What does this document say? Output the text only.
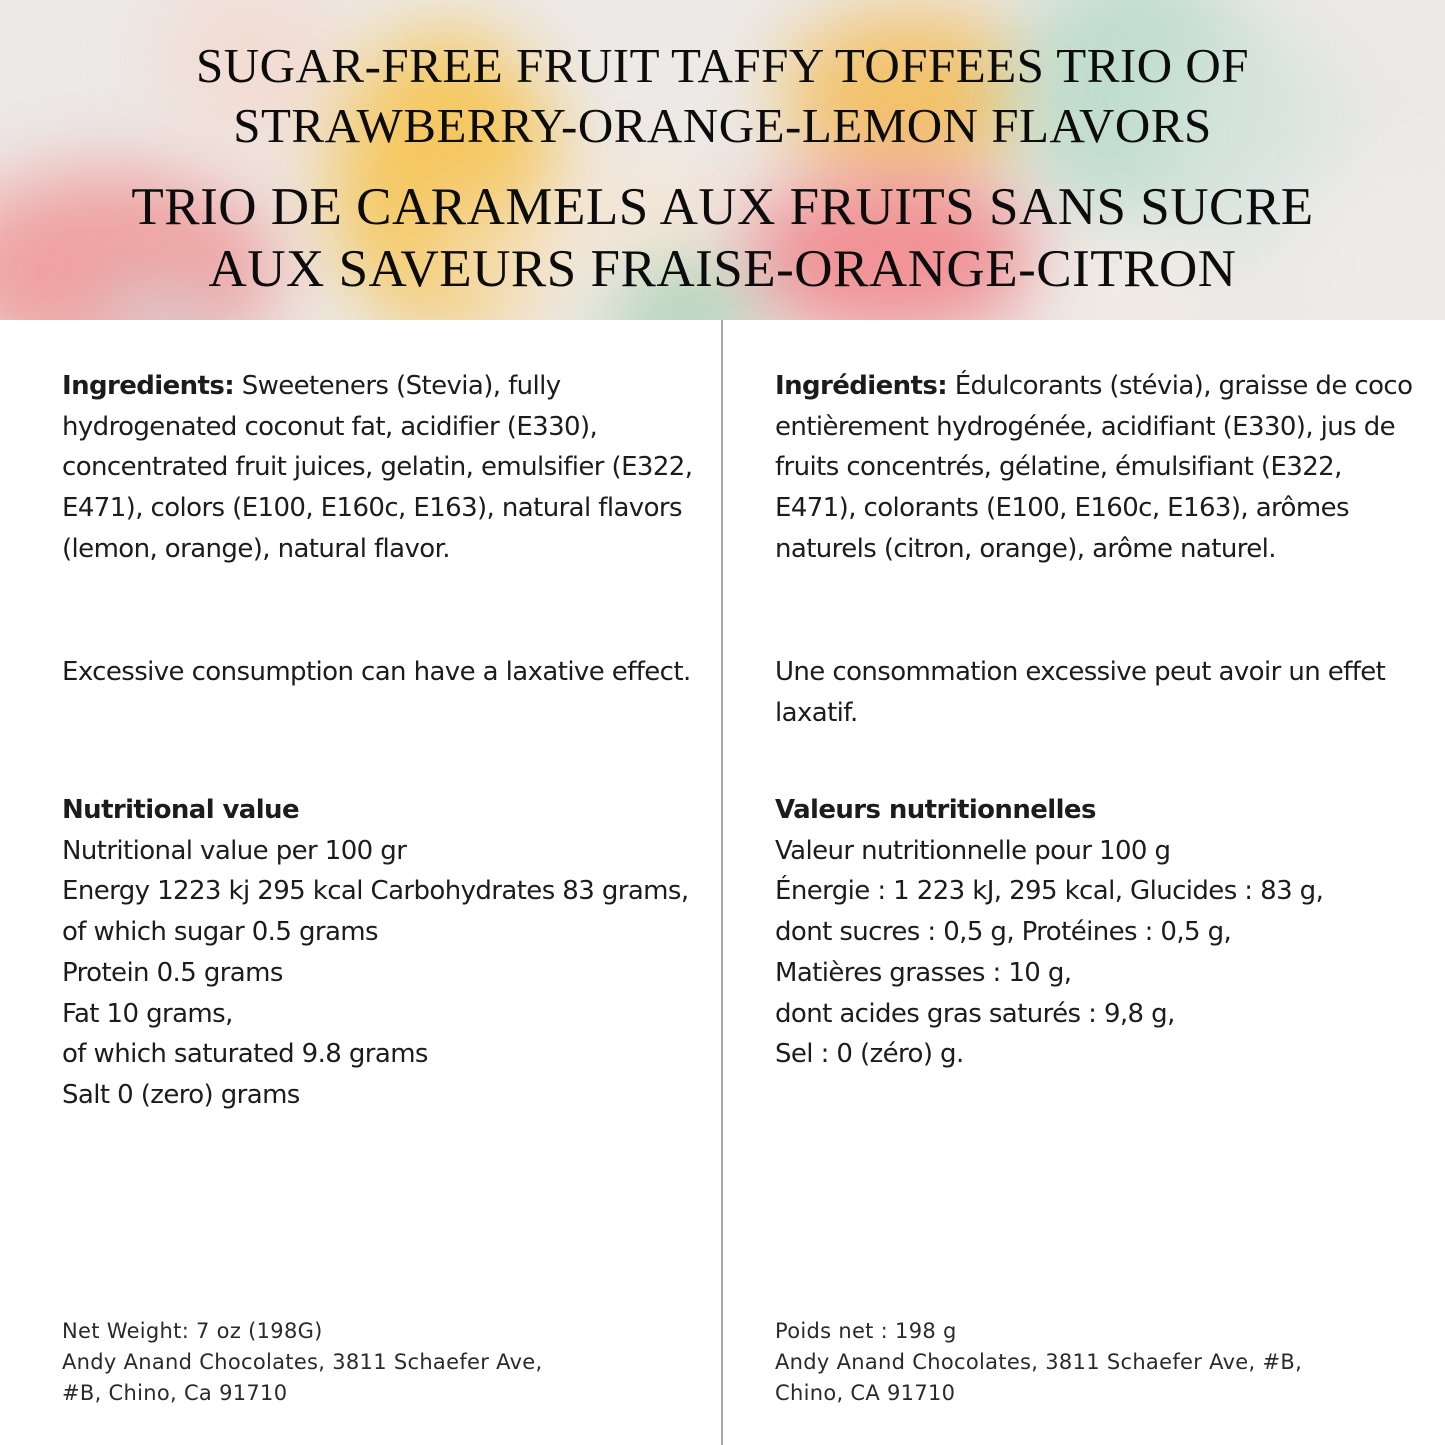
SUGAR-FREE FRUIT TAFFY TOFFEES TRIO OF
STRAWBERRY-ORANGE-LEMON FLAVORS
TRIO DE CARAMELS AUX FRUITS SANS SUCRE
AUX SAVEURS FRAISE-ORANGE-CITRON

Ingredients: Sweeteners (Stevia), fully hydrogenated coconut fat, acidifier (E330), concentrated fruit juices, gelatin, emulsifier (E322, E471), colors (E100, E160c, E163), natural flavors (lemon, orange), natural flavor.

Excessive consumption can have a laxative effect.

Nutritional value
Nutritional value per 100 gr
Energy 1223 kj 295 kcal Carbohydrates 83 grams,
of which sugar 0.5 grams
Protein 0.5 grams
Fat 10 grams,
of which saturated 9.8 grams
Salt 0 (zero) grams

Ingrédients: Édulcorants (stévia), graisse de coco entièrement hydrogénée, acidifiant (E330), jus de fruits concentrés, gélatine, émulsifiant (E322, E471), colorants (E100, E160c, E163), arômes naturels (citron, orange), arôme naturel.

Une consommation excessive peut avoir un effet laxatif.

Valeurs nutritionnelles
Valeur nutritionnelle pour 100 g
Énergie : 1 223 kJ, 295 kcal, Glucides : 83 g,
dont sucres : 0,5 g, Protéines : 0,5 g,
Matières grasses : 10 g,
dont acides gras saturés : 9,8 g,
Sel : 0 (zéro) g.
Net Weight: 7 oz (198G)
Andy Anand Chocolates, 3811 Schaefer Ave,
#B, Chino, Ca 91710
Poids net : 198 g
Andy Anand Chocolates, 3811 Schaefer Ave, #B,
Chino, CA 91710
